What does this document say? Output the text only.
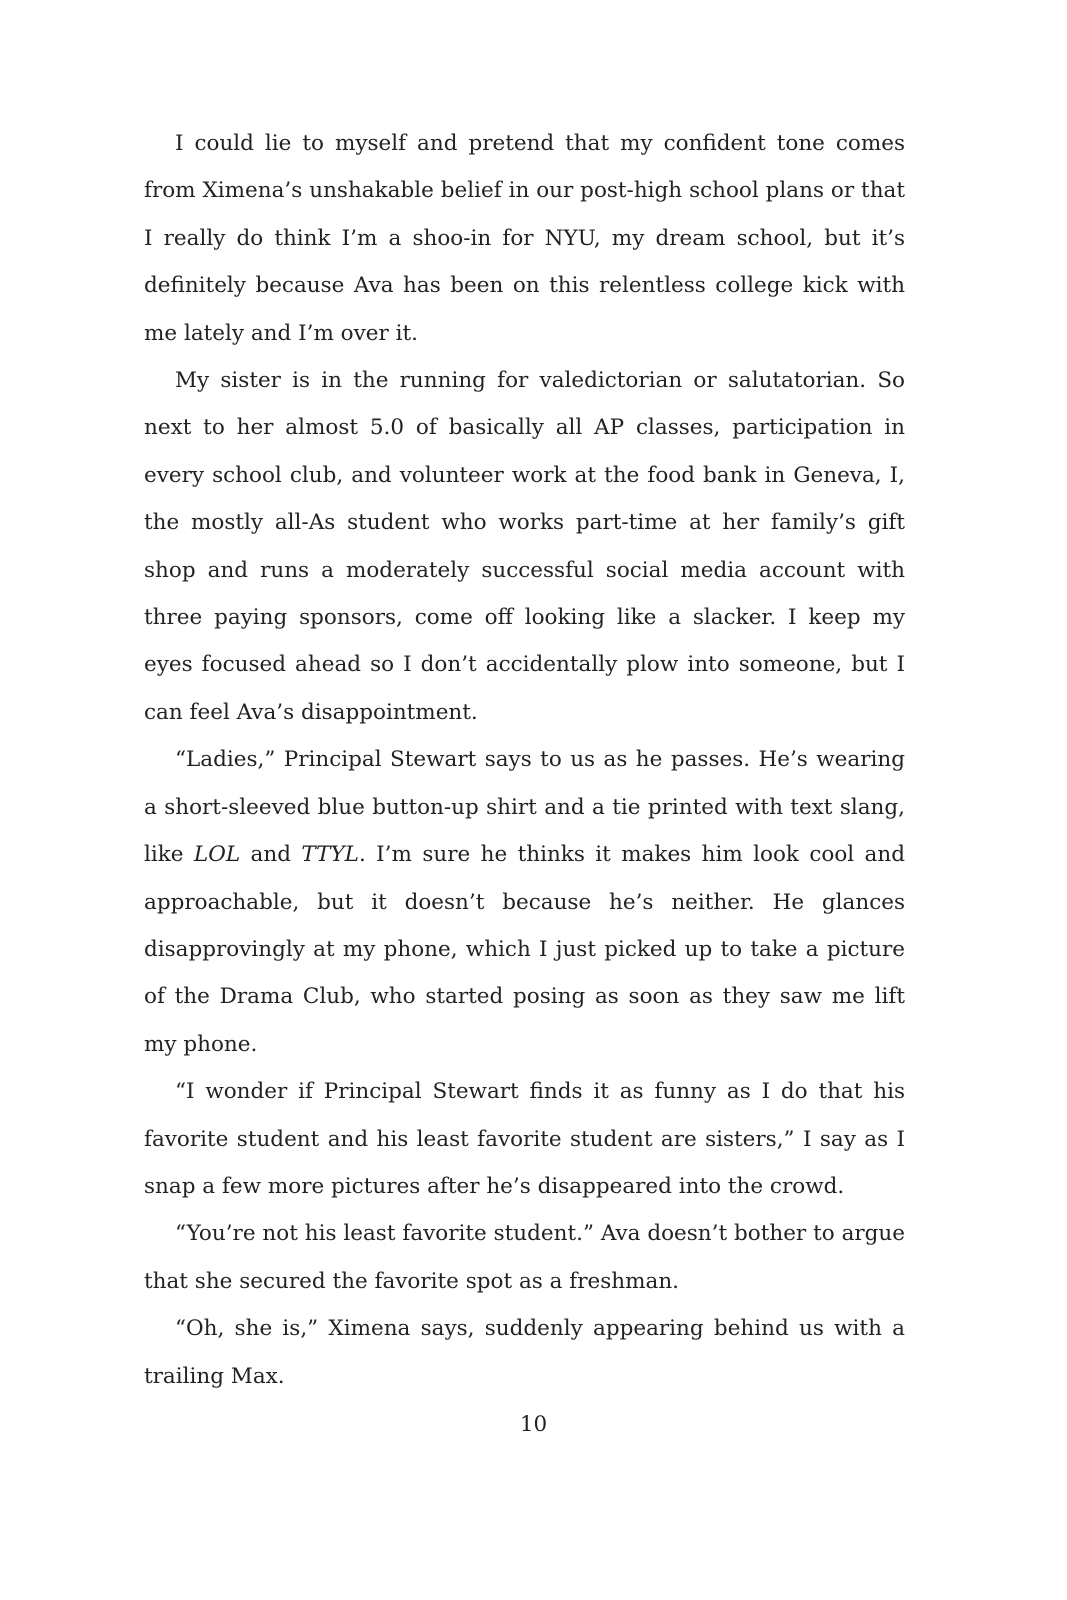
I could lie to myself and pretend that my confident tone comes from Ximena’s unshakable belief in our post-high school plans or that I really do think I’m a shoo-in for NYU, my dream school, but it’s definitely because Ava has been on this relentless college kick with me lately and I’m over it.

My sister is in the running for valedictorian or salutatorian. So next to her almost 5.0 of basically all AP classes, participation in every school club, and volunteer work at the food bank in Geneva, I, the mostly all-As student who works part-time at her family’s gift shop and runs a moderately successful social media account with three paying sponsors, come off looking like a slacker. I keep my eyes focused ahead so I don’t accidentally plow into someone, but I can feel Ava’s disappointment.

“Ladies,” Principal Stewart says to us as he passes. He’s wearing a short-sleeved blue button-up shirt and a tie printed with text slang, like LOL and TTYL. I’m sure he thinks it makes him look cool and approachable, but it doesn’t because he’s neither. He glances disapprovingly at my phone, which I just picked up to take a picture of the Drama Club, who started posing as soon as they saw me lift my phone.

“I wonder if Principal Stewart finds it as funny as I do that his favorite student and his least favorite student are sisters,” I say as I snap a few more pictures after he’s disappeared into the crowd.

“You’re not his least favorite student.” Ava doesn’t bother to argue that she secured the favorite spot as a freshman.

“Oh, she is,” Ximena says, suddenly appearing behind us with a trailing Max.

10
